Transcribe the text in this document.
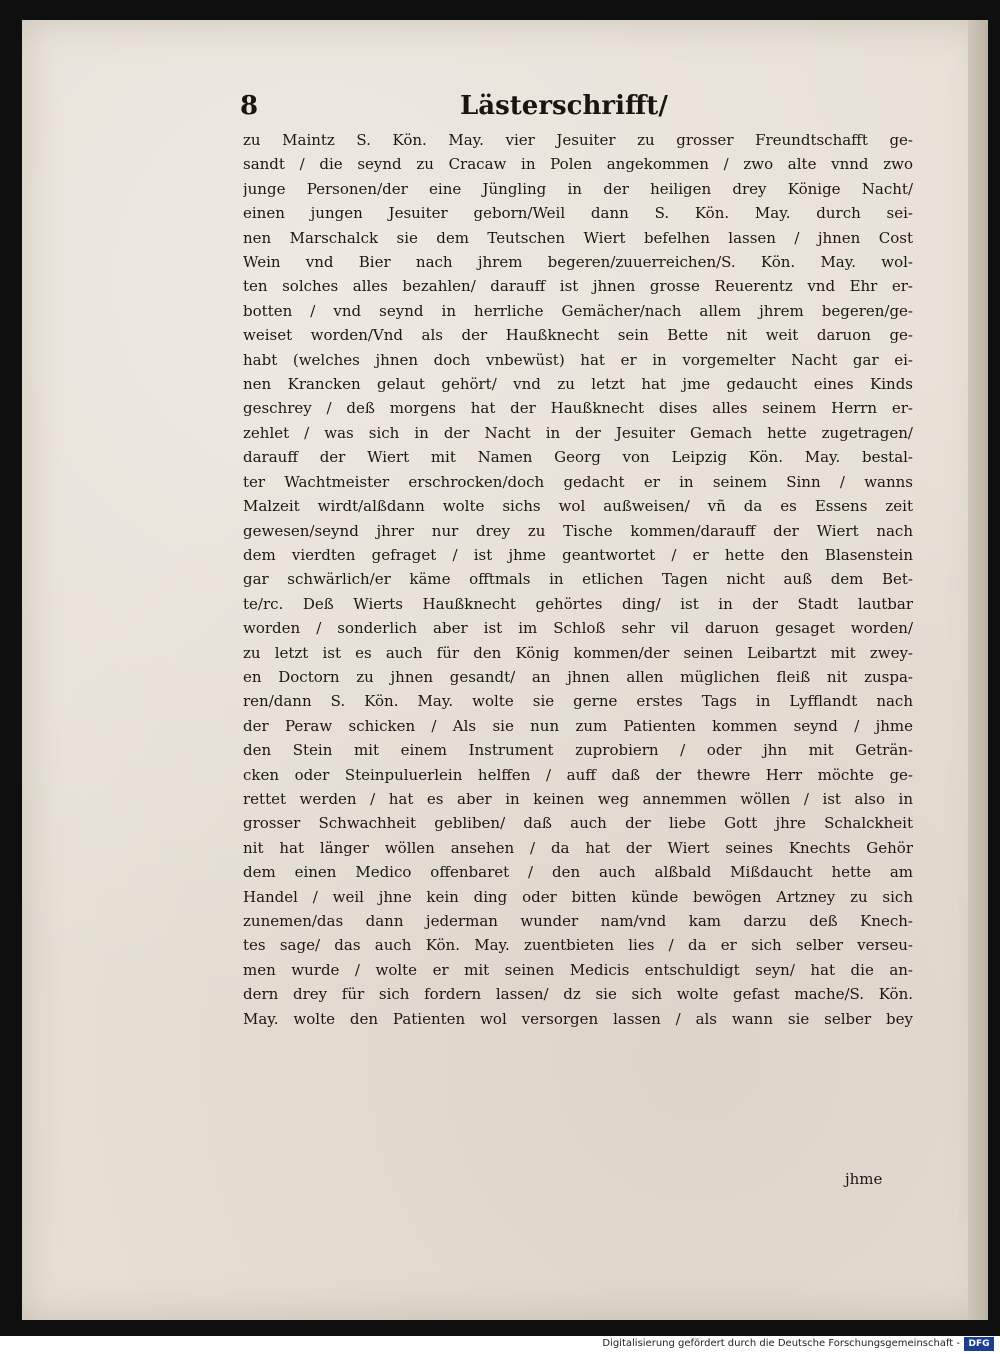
8	Lästerschrifft/
zu Maintz S. Kön. May. vier Jesuiter zu grosser Freundtschafft ge-
sandt / die seynd zu Cracaw in Polen angekommen / zwo alte vnnd zwo
junge Personen/der eine Jüngling in der heiligen drey Könige Nacht/
einen jungen Jesuiter geborn/Weil dann S. Kön. May. durch sei-
nen Marschalck sie dem Teutschen Wiert befelhen lassen / jhnen Cost
Wein vnd Bier nach jhrem begeren/zuuerreichen/S. Kön. May. wol-
ten solches alles bezahlen/ darauff ist jhnen grosse Reuerentz vnd Ehr er-
botten / vnd seynd in herrliche Gemächer/nach allem jhrem begeren/ge-
weiset worden/Vnd als der Haußknecht sein Bette nit weit daruon ge-
habt (welches jhnen doch vnbewüst) hat er in vorgemelter Nacht gar ei-
nen Krancken gelaut gehört/ vnd zu letzt hat jme gedaucht eines Kinds
geschrey / deß morgens hat der Haußknecht dises alles seinem Herrn er-
zehlet / was sich in der Nacht in der Jesuiter Gemach hette zugetragen/
darauff der Wiert mit Namen Georg von Leipzig Kön. May. bestal-
ter Wachtmeister erschrocken/doch gedacht er in seinem Sinn / wanns
Malzeit wirdt/alßdann wolte sichs wol außweisen/ vñ da es Essens zeit
gewesen/seynd jhrer nur drey zu Tische kommen/darauff der Wiert nach
dem vierdten gefraget / ist jhme geantwortet / er hette den Blasenstein
gar schwärlich/er käme offtmals in etlichen Tagen nicht auß dem Bet-
te/rc. Deß Wierts Haußknecht gehörtes ding/ ist in der Stadt lautbar
worden / sonderlich aber ist im Schloß sehr vil daruon gesaget worden/
zu letzt ist es auch für den König kommen/der seinen Leibartzt mit zwey-
en Doctorn zu jhnen gesandt/ an jhnen allen müglichen fleiß nit zuspa-
ren/dann S. Kön. May. wolte sie gerne erstes Tags in Lyfflandt nach
der Peraw schicken / Als sie nun zum Patienten kommen seynd / jhme
den Stein mit einem Instrument zuprobiern / oder jhn mit Geträn-
cken oder Steinpuluerlein helffen / auff daß der thewre Herr möchte ge-
rettet werden / hat es aber in keinen weg annemmen wöllen / ist also in
grosser Schwachheit gebliben/ daß auch der liebe Gott jhre Schalckheit
nit hat länger wöllen ansehen / da hat der Wiert seines Knechts Gehör
dem einen Medico offenbaret / den auch alßbald Mißdaucht hette am
Handel / weil jhne kein ding oder bitten künde bewögen Artzney zu sich
zunemen/das dann jederman wunder nam/vnd kam darzu deß Knech-
tes sage/ das auch Kön. May. zuentbieten lies / da er sich selber verseu-
men wurde / wolte er mit seinen Medicis entschuldigt seyn/ hat die an-
dern drey für sich fordern lassen/ dz sie sich wolte gefast mache/S. Kön.
May. wolte den Patienten wol versorgen lassen / als wann sie selber bey
jhme
Digitalisierung gefördert durch die Deutsche Forschungsgemeinschaft - DFG
